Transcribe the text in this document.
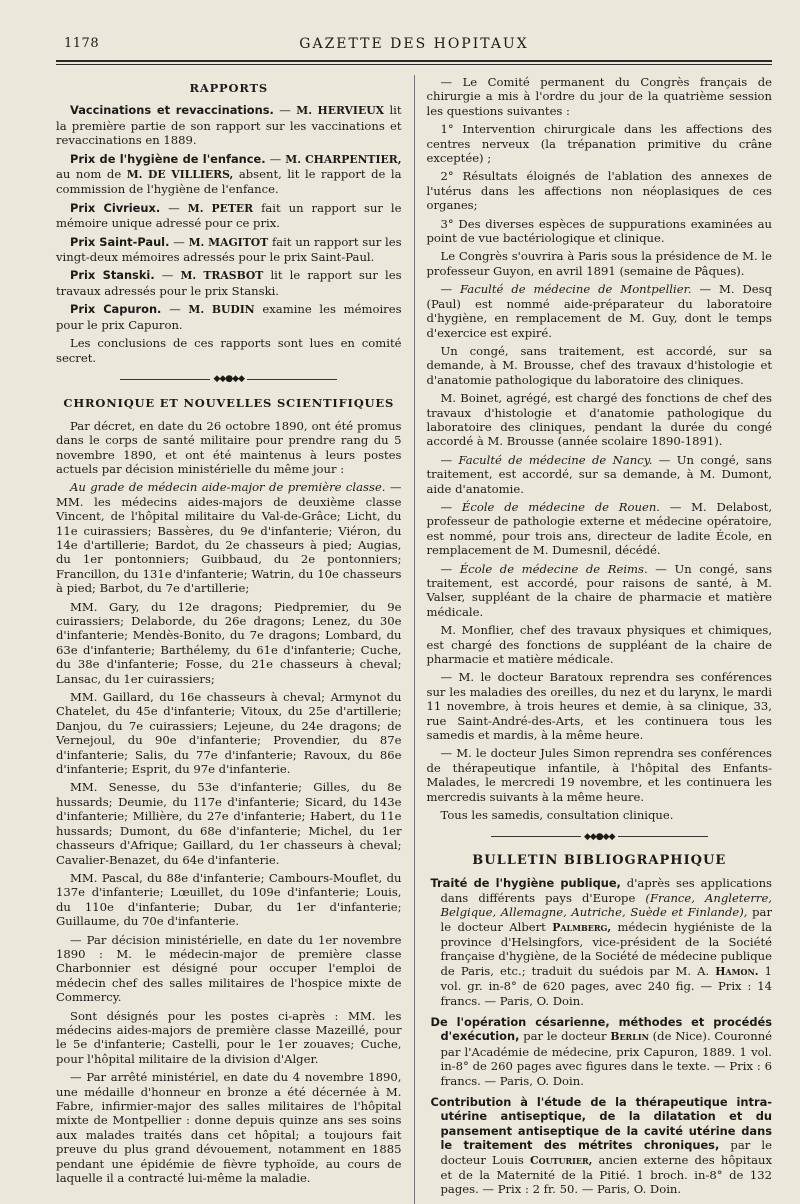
1178	GAZETTE DES HOPITAUX
RAPPORTS

Vaccinations et revaccinations. — M. HERVIEUX lit la première partie de son rapport sur les vaccinations et revaccinations en 1889.

Prix de l'hygiène de l'enfance. — M. CHARPENTIER, au nom de M. DE VILLIERS, absent, lit le rapport de la commission de l'hygiène de l'enfance.

Prix Civrieux. — M. PETER fait un rapport sur le mémoire unique adressé pour ce prix.

Prix Saint-Paul. — M. MAGITOT fait un rapport sur les vingt-deux mémoires adressés pour le prix Saint-Paul.

Prix Stanski. — M. TRASBOT lit le rapport sur les travaux adressés pour le prix Stanski.

Prix Capuron. — M. BUDIN examine les mémoires pour le prix Capuron.

Les conclusions de ces rapports sont lues en comité secret.

◆◆●◆◆
CHRONIQUE ET NOUVELLES SCIENTIFIQUES

Par décret, en date du 26 octobre 1890, ont été promus dans le corps de santé militaire pour prendre rang du 5 novembre 1890, et ont été maintenus à leurs postes actuels par décision ministérielle du même jour :

Au grade de médecin aide-major de première classe. — MM. les médecins aides-majors de deuxième classe Vincent, de l'hôpital militaire du Val-de-Grâce; Licht, du 11e cuirassiers; Bassères, du 9e d'infanterie; Viéron, du 14e d'artillerie; Bardot, du 2e chasseurs à pied; Augias, du 1er pontonniers; Guibbaud, du 2e pontonniers; Francillon, du 131e d'infanterie; Watrin, du 10e chasseurs à pied; Barbot, du 7e d'artillerie;

MM. Gary, du 12e dragons; Piedpremier, du 9e cuirassiers; Delaborde, du 26e dragons; Lenez, du 30e d'infanterie; Mendès-Bonito, du 7e dragons; Lombard, du 63e d'infanterie; Barthélemy, du 61e d'infanterie; Cuche, du 38e d'infanterie; Fosse, du 21e chasseurs à cheval; Lansac, du 1er cuirassiers;

MM. Gaillard, du 16e chasseurs à cheval; Armynot du Chatelet, du 45e d'infanterie; Vitoux, du 25e d'artillerie; Danjou, du 7e cuirassiers; Lejeune, du 24e dragons; de Vernejoul, du 90e d'infanterie; Provendier, du 87e d'infanterie; Salis, du 77e d'infanterie; Ravoux, du 86e d'infanterie; Esprit, du 97e d'infanterie.

MM. Senesse, du 53e d'infanterie; Gilles, du 8e hussards; Deumie, du 117e d'infanterie; Sicard, du 143e d'infanterie; Millière, du 27e d'infanterie; Habert, du 11e hussards; Dumont, du 68e d'infanterie; Michel, du 1er chasseurs d'Afrique; Gaillard, du 1er chasseurs à cheval; Cavalier-Benazet, du 64e d'infanterie.

MM. Pascal, du 88e d'infanterie; Cambours-Mouflet, du 137e d'infanterie; Lœuillet, du 109e d'infanterie; Louis, du 110e d'infanterie; Dubar, du 1er d'infanterie; Guillaume, du 70e d'infanterie.

— Par décision ministérielle, en date du 1er novembre 1890 : M. le médecin-major de première classe Charbonnier est désigné pour occuper l'emploi de médecin chef des salles militaires de l'hospice mixte de Commercy.

Sont désignés pour les postes ci-après : MM. les médecins aides-majors de première classe Mazeillé, pour le 5e d'infanterie; Castelli, pour le 1er zouaves; Cuche, pour l'hôpital militaire de la division d'Alger.

— Par arrêté ministériel, en date du 4 novembre 1890, une médaille d'honneur en bronze a été décernée à M. Fabre, infirmier-major des salles militaires de l'hôpital mixte de Montpellier : donne depuis quinze ans ses soins aux malades traités dans cet hôpital; a toujours fait preuve du plus grand dévouement, notamment en 1885 pendant une épidémie de fièvre typhoïde, au cours de laquelle il a contracté lui-même la maladie.

— Le Comité permanent du Congrès français de chirurgie a mis à l'ordre du jour de la quatrième session les questions suivantes :

1° Intervention chirurgicale dans les affections des centres nerveux (la trépanation primitive du crâne exceptée) ;

2° Résultats éloignés de l'ablation des annexes de l'utérus dans les affections non néoplasiques de ces organes;

3° Des diverses espèces de suppurations examinées au point de vue bactériologique et clinique.

Le Congrès s'ouvrira à Paris sous la présidence de M. le professeur Guyon, en avril 1891 (semaine de Pâques).

— Faculté de médecine de Montpellier. — M. Desq (Paul) est nommé aide-préparateur du laboratoire d'hygiène, en remplacement de M. Guy, dont le temps d'exercice est expiré.

Un congé, sans traitement, est accordé, sur sa demande, à M. Brousse, chef des travaux d'histologie et d'anatomie pathologique du laboratoire des cliniques.

M. Boinet, agrégé, est chargé des fonctions de chef des travaux d'histologie et d'anatomie pathologique du laboratoire des cliniques, pendant la durée du congé accordé à M. Brousse (année scolaire 1890-1891).

— Faculté de médecine de Nancy. — Un congé, sans traitement, est accordé, sur sa demande, à M. Dumont, aide d'anatomie.

— École de médecine de Rouen. — M. Delabost, professeur de pathologie externe et médecine opératoire, est nommé, pour trois ans, directeur de ladite École, en remplacement de M. Dumesnil, décédé.

— École de médecine de Reims. — Un congé, sans traitement, est accordé, pour raisons de santé, à M. Valser, suppléant de la chaire de pharmacie et matière médicale.

M. Monflier, chef des travaux physiques et chimiques, est chargé des fonctions de suppléant de la chaire de pharmacie et matière médicale.

— M. le docteur Baratoux reprendra ses conférences sur les maladies des oreilles, du nez et du larynx, le mardi 11 novembre, à trois heures et demie, à sa clinique, 33, rue Saint-André-des-Arts, et les continuera tous les samedis et mardis, à la même heure.

— M. le docteur Jules Simon reprendra ses conférences de thérapeutique infantile, à l'hôpital des Enfants-Malades, le mercredi 19 novembre, et les continuera les mercredis suivants à la même heure.

Tous les samedis, consultation clinique.

◆◆●◆◆
BULLETIN BIBLIOGRAPHIQUE

Traité de l'hygiène publique, d'après ses applications dans différents pays d'Europe (France, Angleterre, Belgique, Allemagne, Autriche, Suède et Finlande), par le docteur Albert Palmberg, médecin hygiéniste de la province d'Helsingfors, vice-président de la Société française d'hygiène, de la Société de médecine publique de Paris, etc.; traduit du suédois par M. A. Hamon. 1 vol. gr. in-8° de 620 pages, avec 240 fig. — Prix : 14 francs. — Paris, O. Doin.

De l'opération césarienne, méthodes et procédés d'exécution, par le docteur Berlin (de Nice). Couronné par l'Académie de médecine, prix Capuron, 1889. 1 vol. in-8° de 260 pages avec figures dans le texte. — Prix : 6 francs. — Paris, O. Doin.

Contribution à l'étude de la thérapeutique intra-utérine antiseptique, de la dilatation et du pansement antiseptique de la cavité utérine dans le traitement des métrites chroniques, par le docteur Louis Couturier, ancien externe des hôpitaux et de la Maternité de la Pitié. 1 broch. in-8° de 132 pages. — Prix : 2 fr. 50. — Paris, O. Doin.
